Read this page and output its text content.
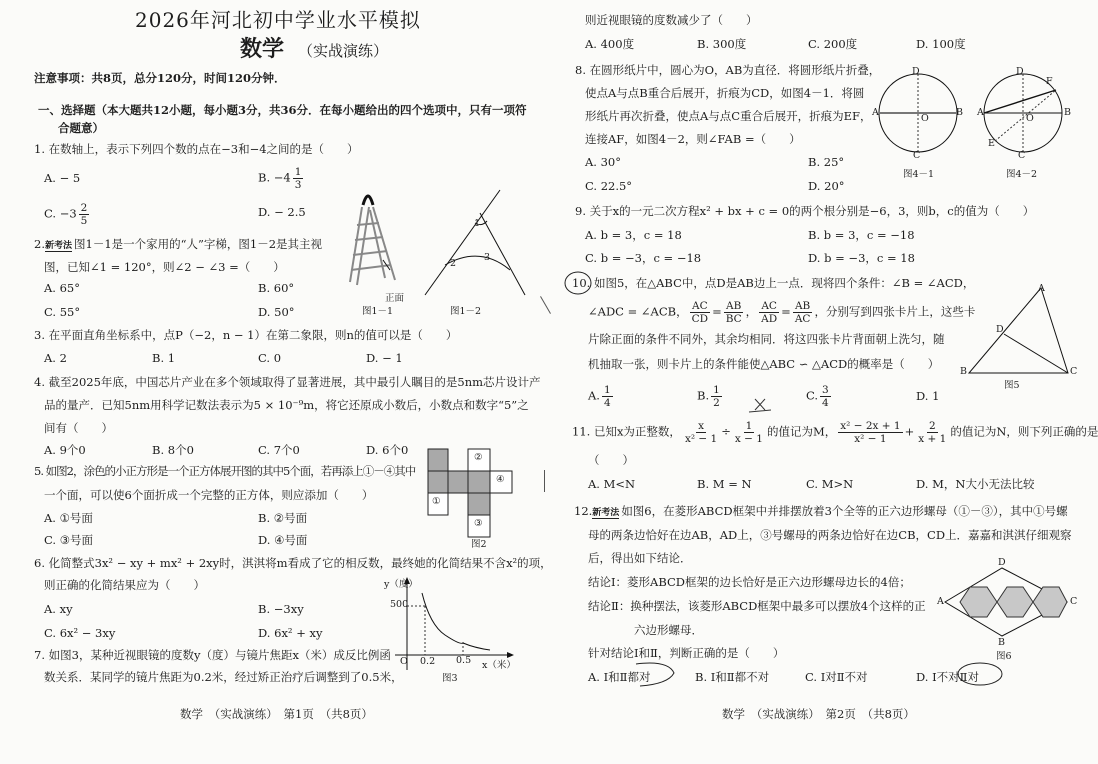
2026年河北初中学业水平模拟
数学 （实战演练）
注意事项：共8页，总分120分，时间120分钟．
一、选择题（本大题共12小题，每小题3分，共36分．在每小题给出的四个选项中，只有一项符
合题意）
1. 在数轴上，表示下列四个数的点在−3和−4之间的是（　　）
A. − 5	B. $-4 \frac{1}{3}$
C. $-3 \frac{2}{5}$	D. − 2.5
2.新考法 图1－1是一个家用的“人”字梯，图1－2是其主视
图，已知∠1 = 120°，则∠2 − ∠3 =（　　）
A. 65°	B. 60°
C. 55°	D. 50°
正面
图1－1
1
2
3
图1－2
3. 在平面直角坐标系中，点P（−2，n − 1）在第二象限，则n的值可以是（　　）
A. 2	B. 1	C. 0	D. − 1
4. 截至2025年底，中国芯片产业在多个领域取得了显著进展，其中最引人瞩目的是5nm芯片设计产
品的量产．已知5nm用科学记数法表示为5 × 10⁻⁹m，将它还原成小数后，小数点和数字“5”之
间有（　　）
A. 9个0	B. 8个0	C. 7个0	D. 6个0
5. 如图2，涂色的小正方形是一个正方体展开图的其中5个面，若再添上①－④其中
一个面，可以使6个面折成一个完整的正方体，则应添加（　　）
A. ①号面	B. ②号面
C. ③号面	D. ④号面
①
②
③
④
图2
6. 化简整式3x² − xy + mx² + 2xy时，淇淇将m看成了它的相反数，最终她的化简结果不含x²的项，
则正确的化简结果应为（　　）
A. xy	B. −3xy
C. 6x² − 3xy	D. 6x² + xy
7. 如图3，某种近视眼镜的度数y（度）与镜片焦距x（米）成反比例函
数关系．某同学的镜片焦距为0.2米，经过矫正治疗后调整到了0.5米，
y（度）
500
O 0.2 0.5 x（米）
图3
数学　（实战演练）　第1页　（共8页）
则近视眼镜的度数减少了（　　）
A. 400度	B. 300度	C. 200度	D. 100度
8. 在圆形纸片中，圆心为O，AB为直径．将圆形纸片折叠，
使点A与点B重合后展开，折痕为CD，如图4－1．将圆
形纸片再次折叠，使点A与点C重合后展开，折痕为EF，
连接AF，如图4－2，则∠FAB =（　　）
A. 30°	B. 25°
C. 22.5°	D. 20°
D
A
O
B
C
图4－1
D
F
A
O
B
E
C
图4－2
9. 关于x的一元二次方程x² + bx + c = 0的两个根分别是−6，3，则b，c的值为（　　）
A. b = 3，c = 18	B. b = 3，c = −18
C. b = −3，c = −18	D. b = −3，c = 18
10. 如图5，在△ABC中，点D是AB边上一点．现将四个条件：∠B = ∠ACD，
∠ADC = ∠ACB， $\frac{AC}{CD} = \frac{AB}{BC}$ ， $\frac{AC}{AD} = \frac{AB}{AC}$ ，分别写到四张卡片上，这些卡
片除正面的条件不同外，其余均相同．将这四张卡片背面朝上洗匀，随
机抽取一张，则卡片上的条件能使△ABC ∽ △ACD的概率是（　　）
A. $\frac{1}{4}$	B. $\frac{1}{2}$	C. $\frac{3}{4}$	D. 1
A
D
B	C
图5
11. 已知x为正整数， $\frac{x}{\text{x² − 1}} \div \frac{1}{x - 1}$ 的值记为M， $\frac{\text{x² − 2x + 1}}{\text{x² − 1}} + \frac{2}{x + 1}$ 的值记为N，则下列正确的是
（　　）
A. M<N	B. M = N	C. M>N	D. M，N大小无法比较
12.新考法 如图6，在菱形ABCD框架中并排摆放着3个全等的正六边形螺母（①－③），其中①号螺
母的两条边恰好在边AB，AD上，③号螺母的两条边恰好在边CB，CD上．嘉嘉和淇淇仔细观察
后，得出如下结论．
结论Ⅰ：菱形ABCD框架的边长恰好是正六边形螺母边长的4倍；
结论Ⅱ：换种摆法，该菱形ABCD框架中最多可以摆放4个这样的正
六边形螺母．
针对结论Ⅰ和Ⅱ，判断正确的是（　　）
A. Ⅰ和Ⅱ都对	B. Ⅰ和Ⅱ都不对	C. Ⅰ对Ⅱ不对	D. Ⅰ不对Ⅱ对
D
A	C
B
图6
数学　（实战演练）　第2页　（共8页）
